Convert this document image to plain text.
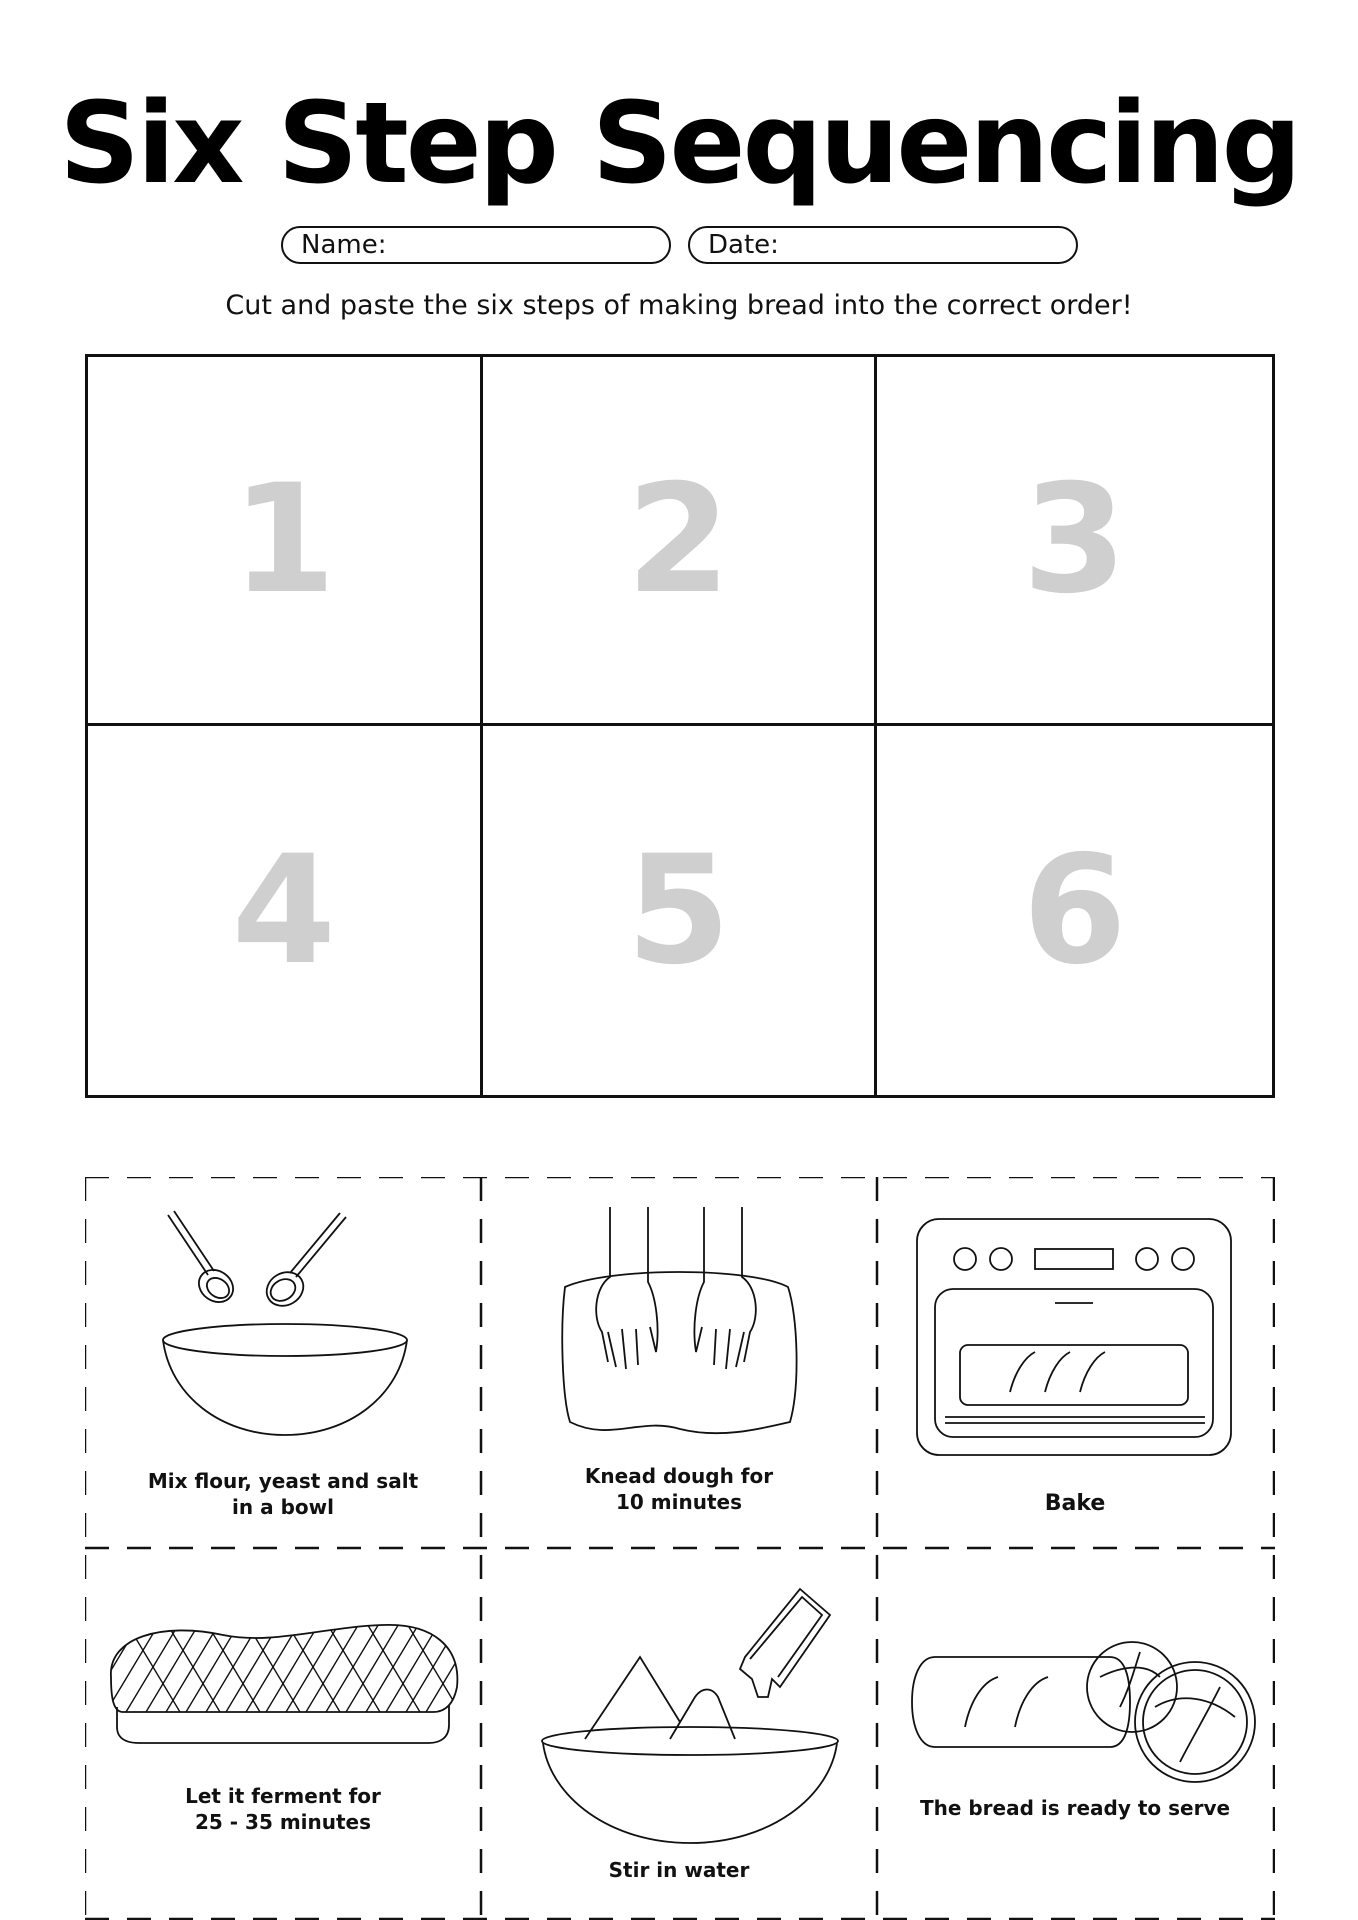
Six Step Sequencing
Name:	Date:
Cut and paste the six steps of making bread into the correct order!
1 2 3
4 5 6
Mix flour, yeast and salt
in a bowl
Knead dough for
10 minutes	Bake
Let it ferment for
25 - 35 minutes
Stir in water
The bread is ready to serve
